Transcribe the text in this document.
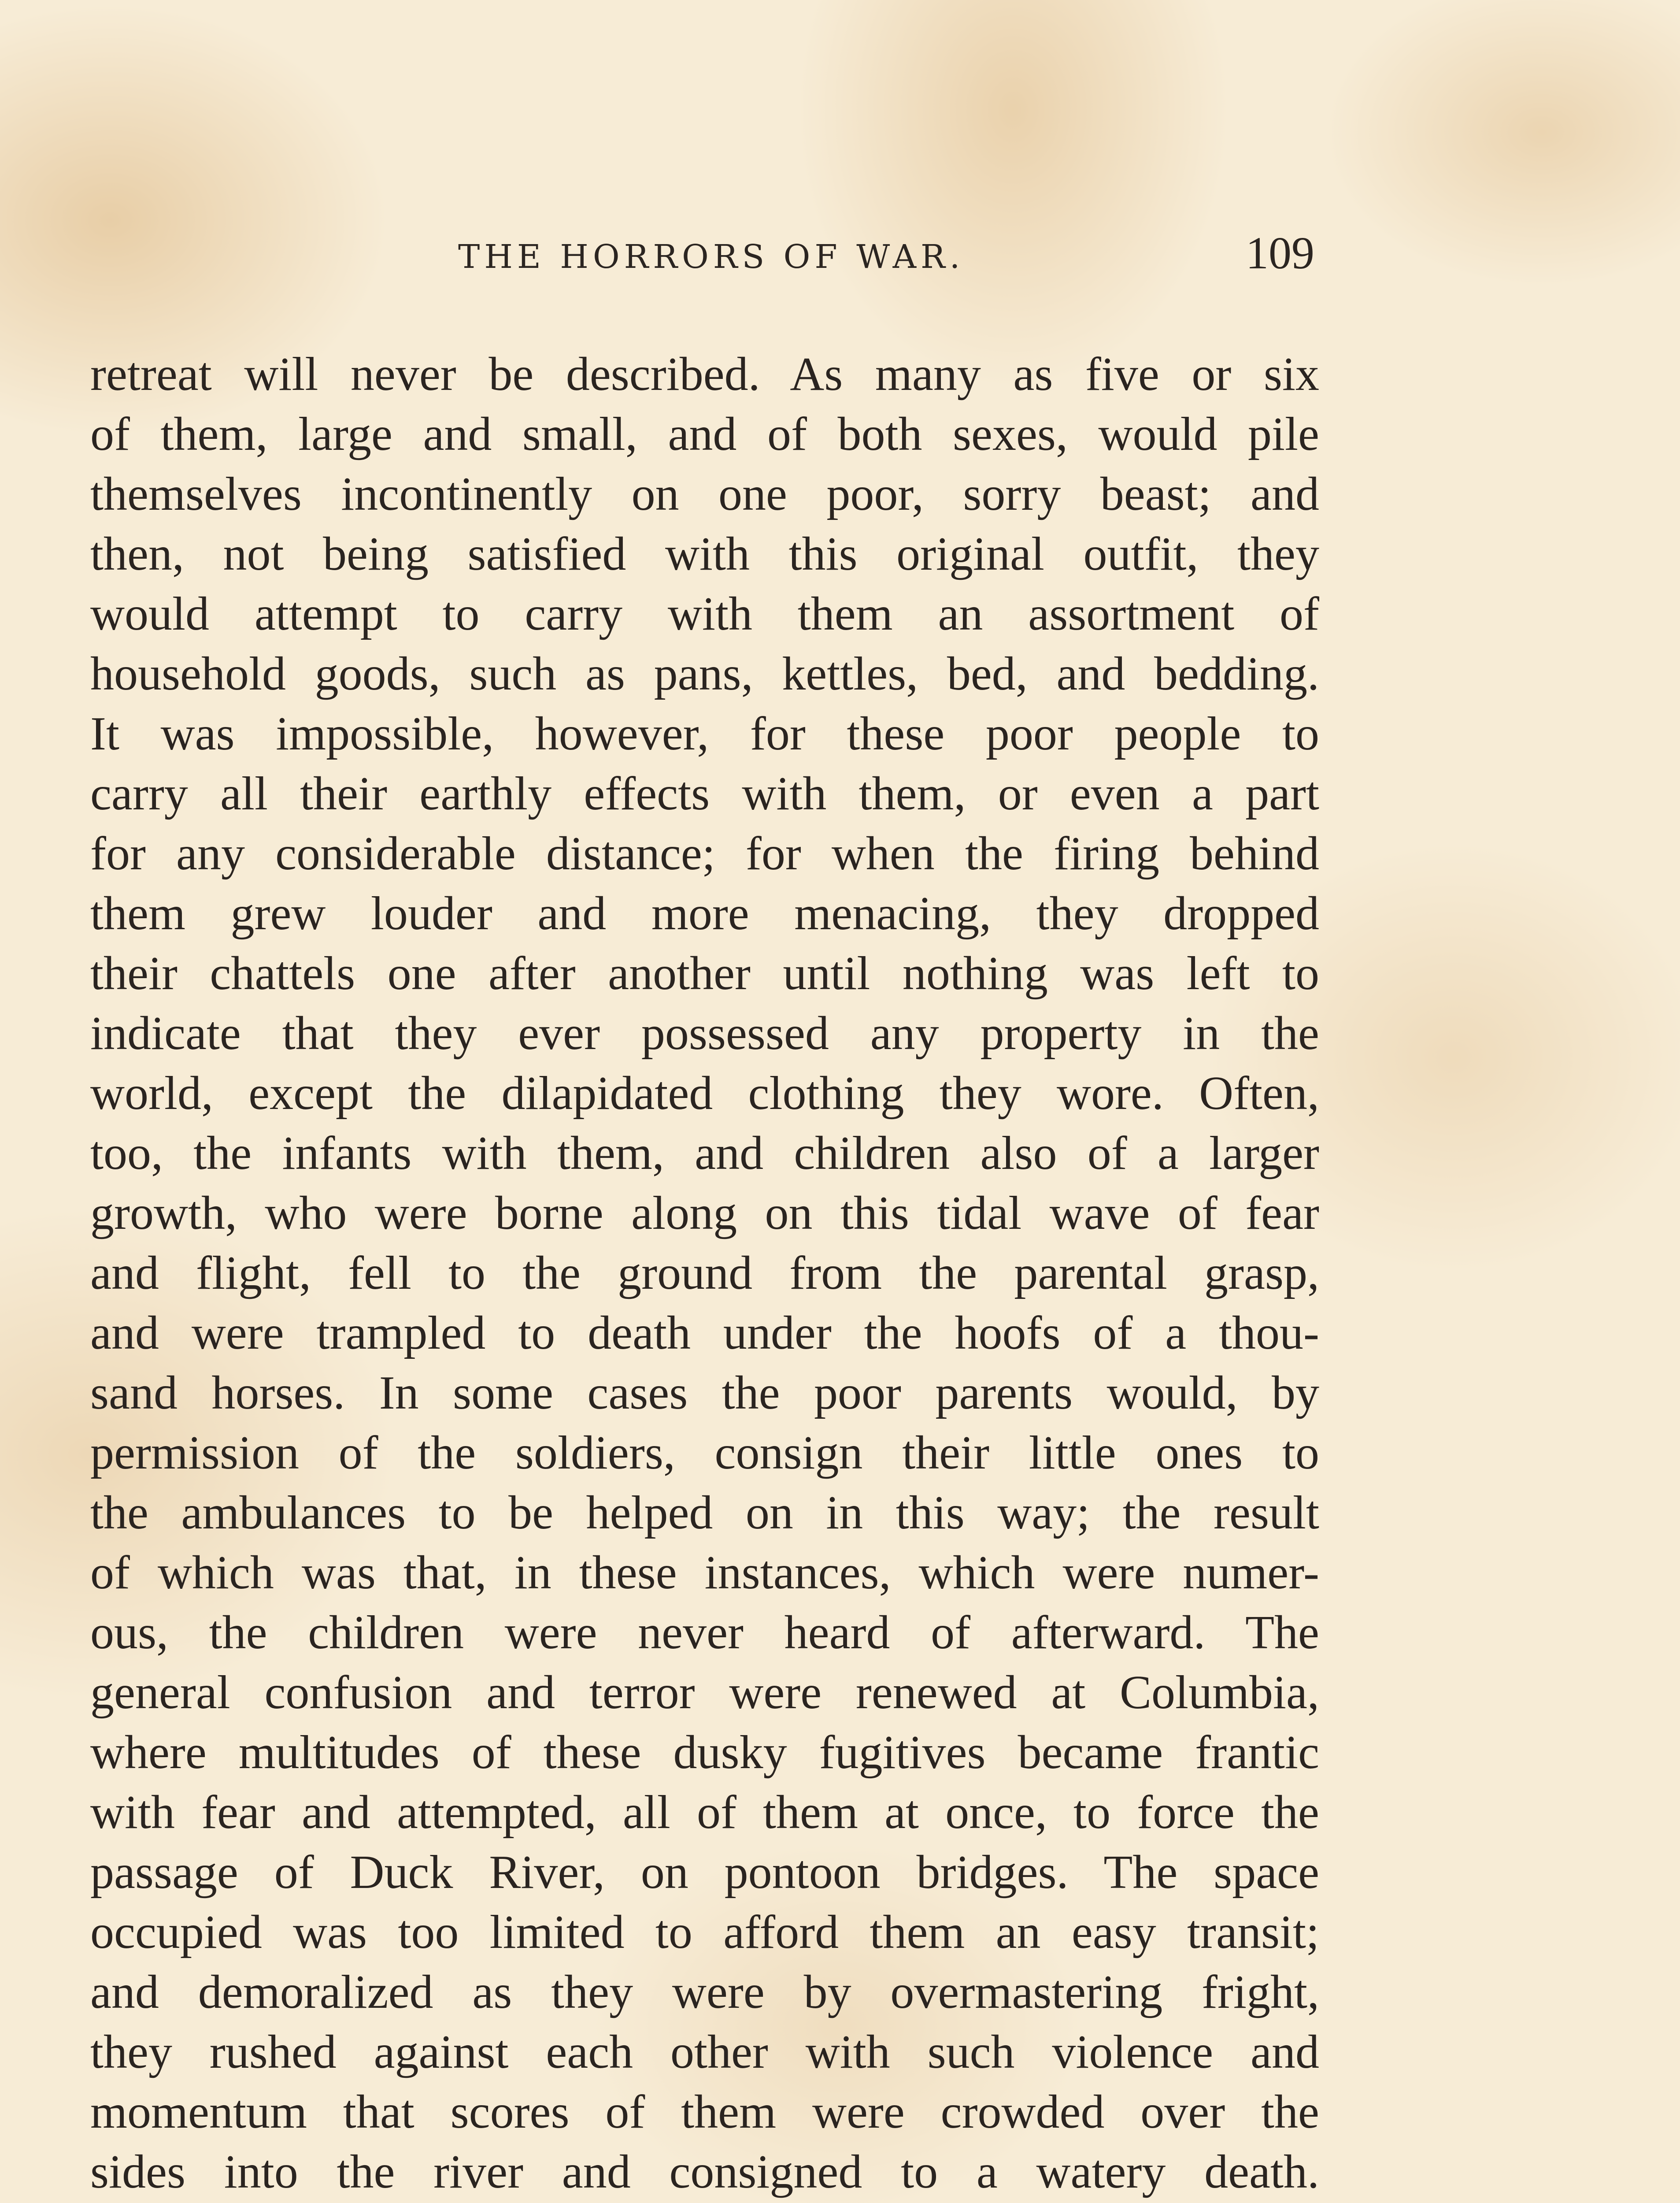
THE HORRORS OF WAR.	109
retreat will never be described. As many as five or six
of them, large and small, and of both sexes, would pile
themselves incontinently on one poor, sorry beast; and
then, not being satisfied with this original outfit, they
would attempt to carry with them an assortment of
household goods, such as pans, kettles, bed, and bedding.
It was impossible, however, for these poor people to
carry all their earthly effects with them, or even a part
for any considerable distance; for when the firing behind
them grew louder and more menacing, they dropped
their chattels one after another until nothing was left to
indicate that they ever possessed any property in the
world, except the dilapidated clothing they wore. Often,
too, the infants with them, and children also of a larger
growth, who were borne along on this tidal wave of fear
and flight, fell to the ground from the parental grasp,
and were trampled to death under the hoofs of a thou-
sand horses. In some cases the poor parents would, by
permission of the soldiers, consign their little ones to
the ambulances to be helped on in this way; the result
of which was that, in these instances, which were numer-
ous, the children were never heard of afterward. The
general confusion and terror were renewed at Columbia,
where multitudes of these dusky fugitives became frantic
with fear and attempted, all of them at once, to force the
passage of Duck River, on pontoon bridges. The space
occupied was too limited to afford them an easy transit;
and demoralized as they were by overmastering fright,
they rushed against each other with such violence and
momentum that scores of them were crowded over the
sides into the river and consigned to a watery death.
